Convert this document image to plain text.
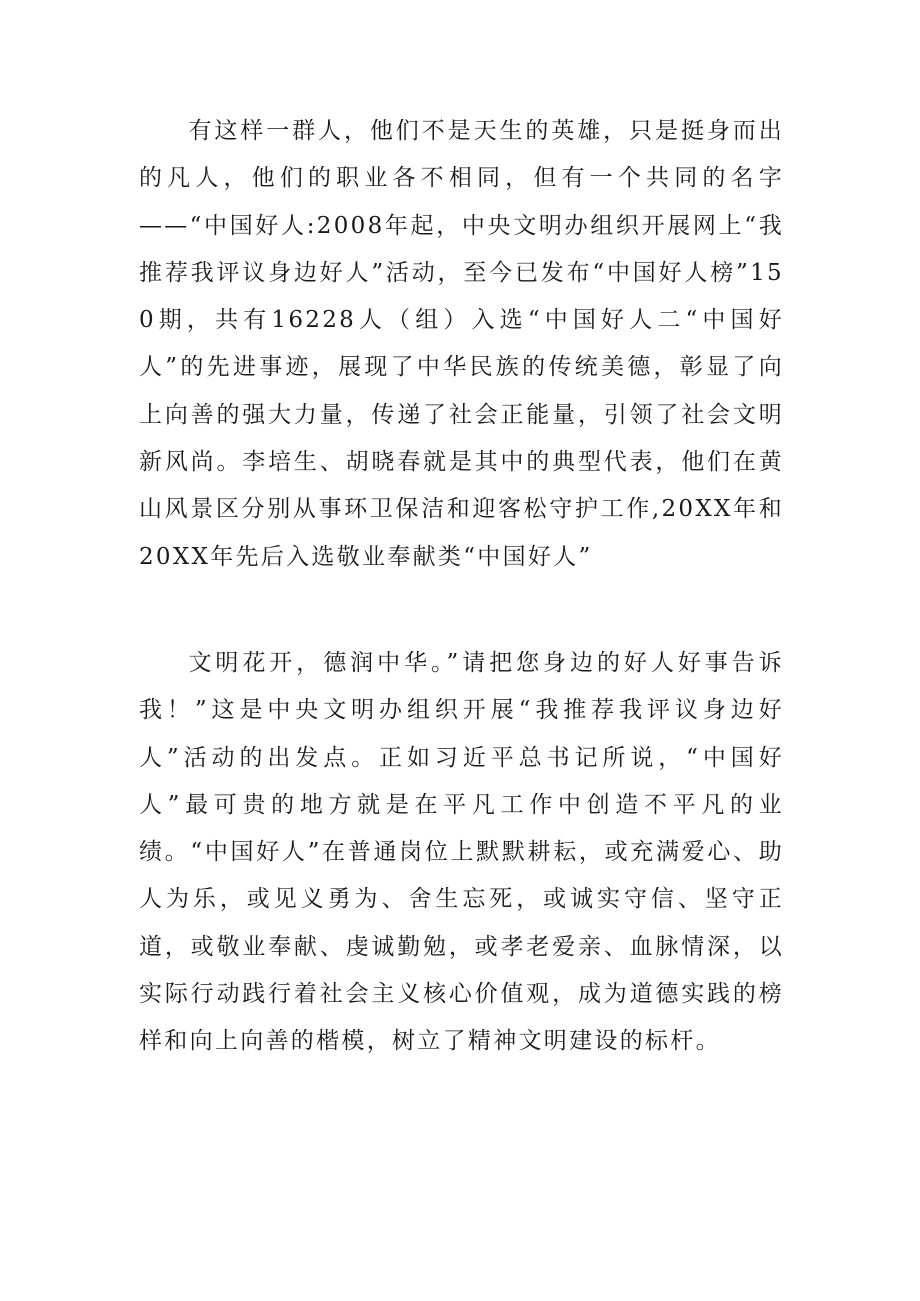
有这样一群人，他们不是天生的英雄，只是挺身而出的凡人，他们的职业各不相同，但有一个共同的名字——“中国好人:2008年起，中央文明办组织开展网上“我推荐我评议身边好人”活动，至今已发布“中国好人榜”150期，共有16228人（组）入选“中国好人二“中国好人”的先进事迹，展现了中华民族的传统美德，彰显了向上向善的强大力量，传递了社会正能量，引领了社会文明新风尚。李培生、胡晓春就是其中的典型代表，他们在黄山风景区分别从事环卫保洁和迎客松守护工作,20XX年和20XX年先后入选敬业奉献类“中国好人”

文明花开，德润中华。”请把您身边的好人好事告诉我！”这是中央文明办组织开展“我推荐我评议身边好人”活动的出发点。正如习近平总书记所说，“中国好人”最可贵的地方就是在平凡工作中创造不平凡的业绩。“中国好人”在普通岗位上默默耕耘，或充满爱心、助人为乐，或见义勇为、舍生忘死，或诚实守信、坚守正道，或敬业奉献、虔诚勤勉，或孝老爱亲、血脉情深，以实际行动践行着社会主义核心价值观，成为道德实践的榜样和向上向善的楷模，树立了精神文明建设的标杆。
